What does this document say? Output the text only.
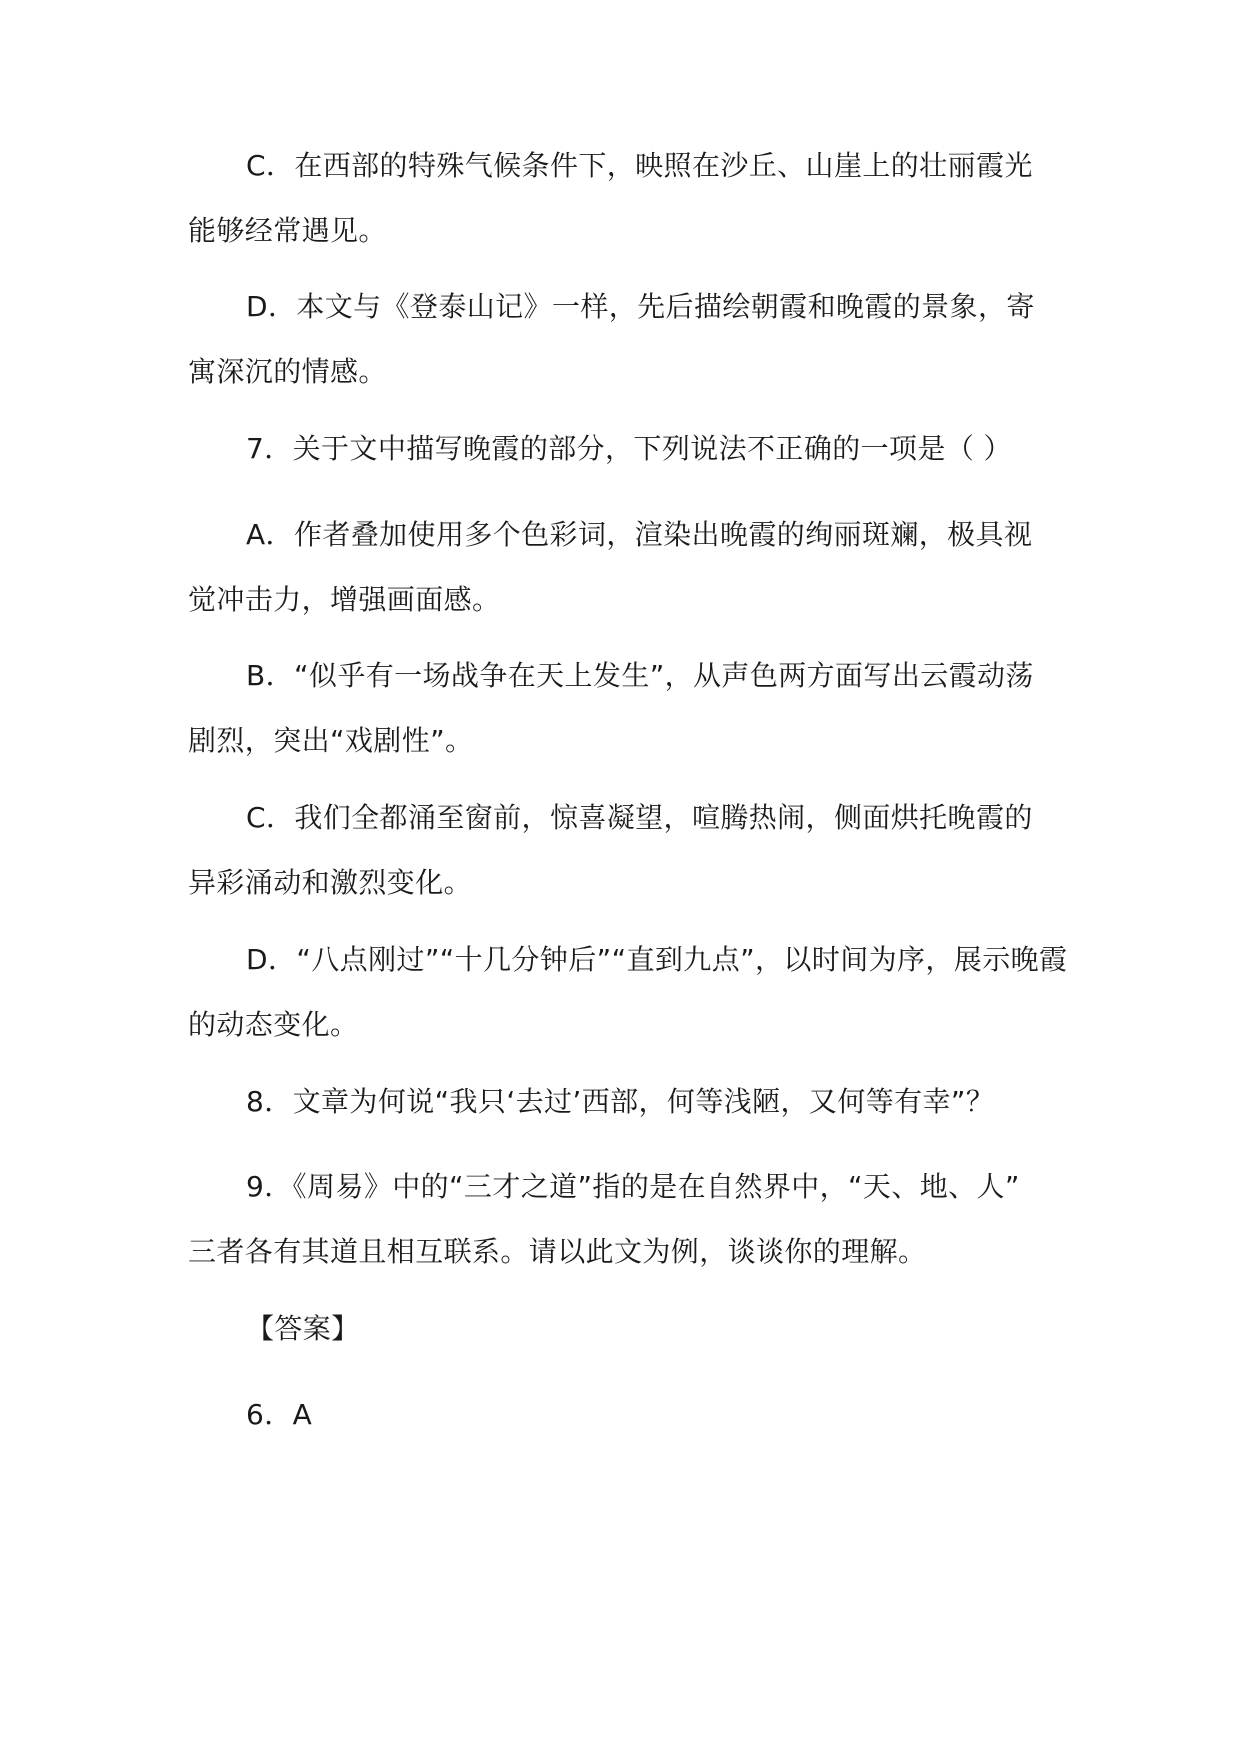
C．在西部的特殊气候条件下，映照在沙丘、山崖上的壮丽霞光
能够经常遇见。

D．本文与《登泰山记》一样，先后描绘朝霞和晚霞的景象，寄
寓深沉的情感。

7．关于文中描写晚霞的部分，下列说法不正确的一项是（ ）

A．作者叠加使用多个色彩词，渲染出晚霞的绚丽斑斓，极具视
觉冲击力，增强画面感。

B．“似乎有一场战争在天上发生”，从声色两方面写出云霞动荡
剧烈，突出“戏剧性”。

C．我们全都涌至窗前，惊喜凝望，喧腾热闹，侧面烘托晚霞的
异彩涌动和激烈变化。

D．“八点刚过”“十几分钟后”“直到九点”，以时间为序，展示晚霞
的动态变化。

8．文章为何说“我只‘去过’西部，何等浅陋，又何等有幸”？

9．《周易》中的“三才之道”指的是在自然界中，“天、地、人”
三者各有其道且相互联系。请以此文为例，谈谈你的理解。

【答案】

6．A
